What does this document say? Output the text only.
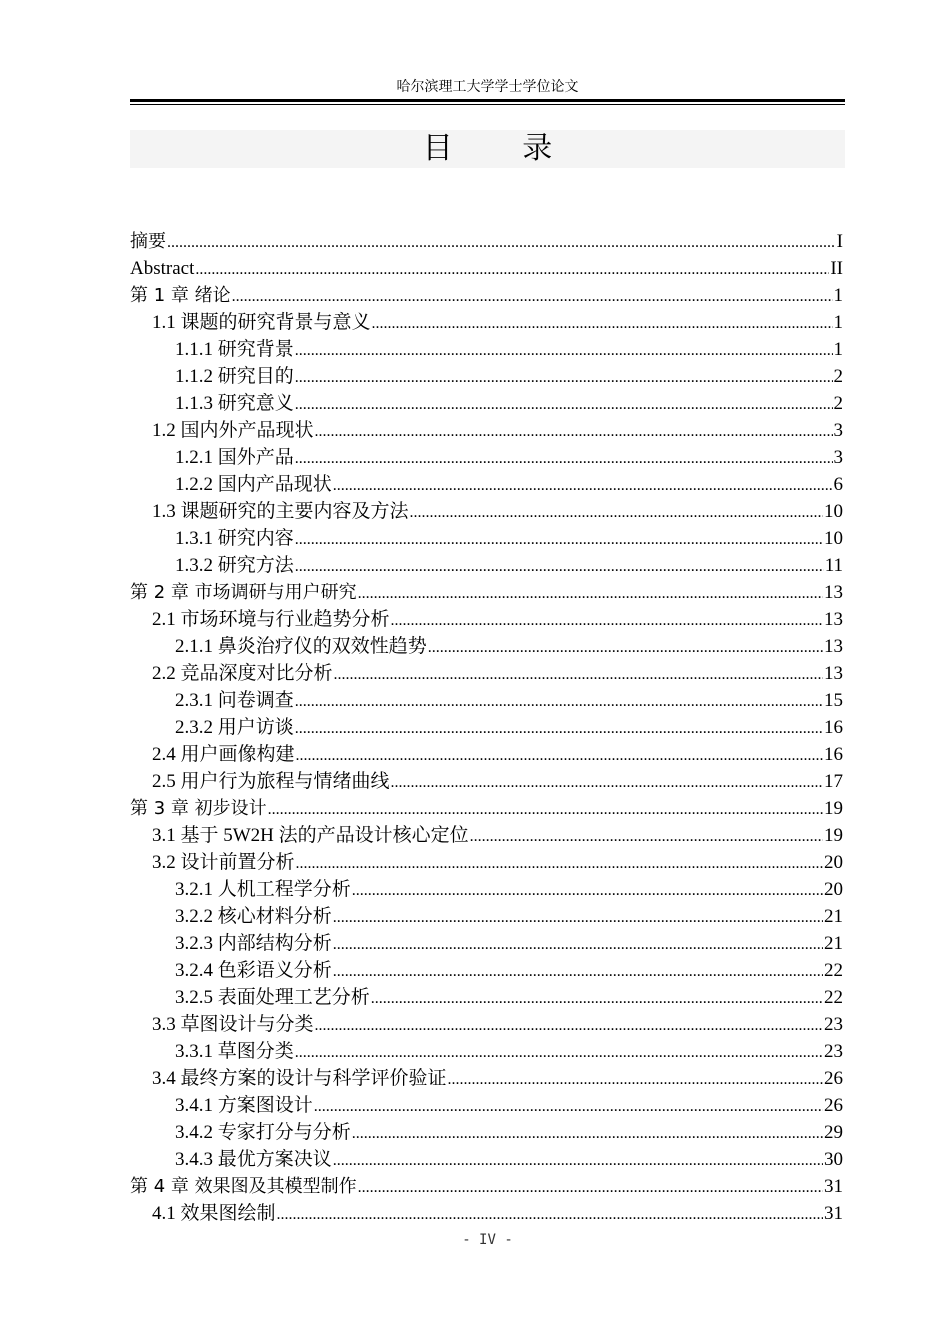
哈尔滨理工大学学士学位论文
目 录
摘要 .....	I
Abstract .....	II
第 1 章 绪论 .....	1
1.1 课题的研究背景与意义 .....	1
1.1.1 研究背景 .....	1
1.1.2 研究目的 .....	2
1.1.3 研究意义 .....	2
1.2 国内外产品现状 .....	3
1.2.1 国外产品 .....	3
1.2.2 国内产品现状 .....	6
1.3 课题研究的主要内容及方法 .....	10
1.3.1 研究内容 .....	10
1.3.2 研究方法 .....	11
第 2 章 市场调研与用户研究 .....	13
2.1 市场环境与行业趋势分析 .....	13
2.1.1 鼻炎治疗仪的双效性趋势 .....	13
2.2 竞品深度对比分析 .....	13
2.3.1 问卷调查 .....	15
2.3.2 用户访谈 .....	16
2.4 用户画像构建 .....	16
2.5 用户行为旅程与情绪曲线 .....	17
第 3 章 初步设计 .....	19
3.1 基于 5W2H 法的产品设计核心定位 .....	19
3.2 设计前置分析 .....	20
3.2.1 人机工程学分析 .....	20
3.2.2 核心材料分析 .....	21
3.2.3 内部结构分析 .....	21
3.2.4 色彩语义分析 .....	22
3.2.5 表面处理工艺分析 .....	22
3.3 草图设计与分类 .....	23
3.3.1 草图分类 .....	23
3.4 最终方案的设计与科学评价验证 .....	26
3.4.1 方案图设计 .....	26
3.4.2 专家打分与分析 .....	29
3.4.3 最优方案决议 .....	30
第 4 章 效果图及其模型制作 .....	31
4.1 效果图绘制 .....	31
- IV -
